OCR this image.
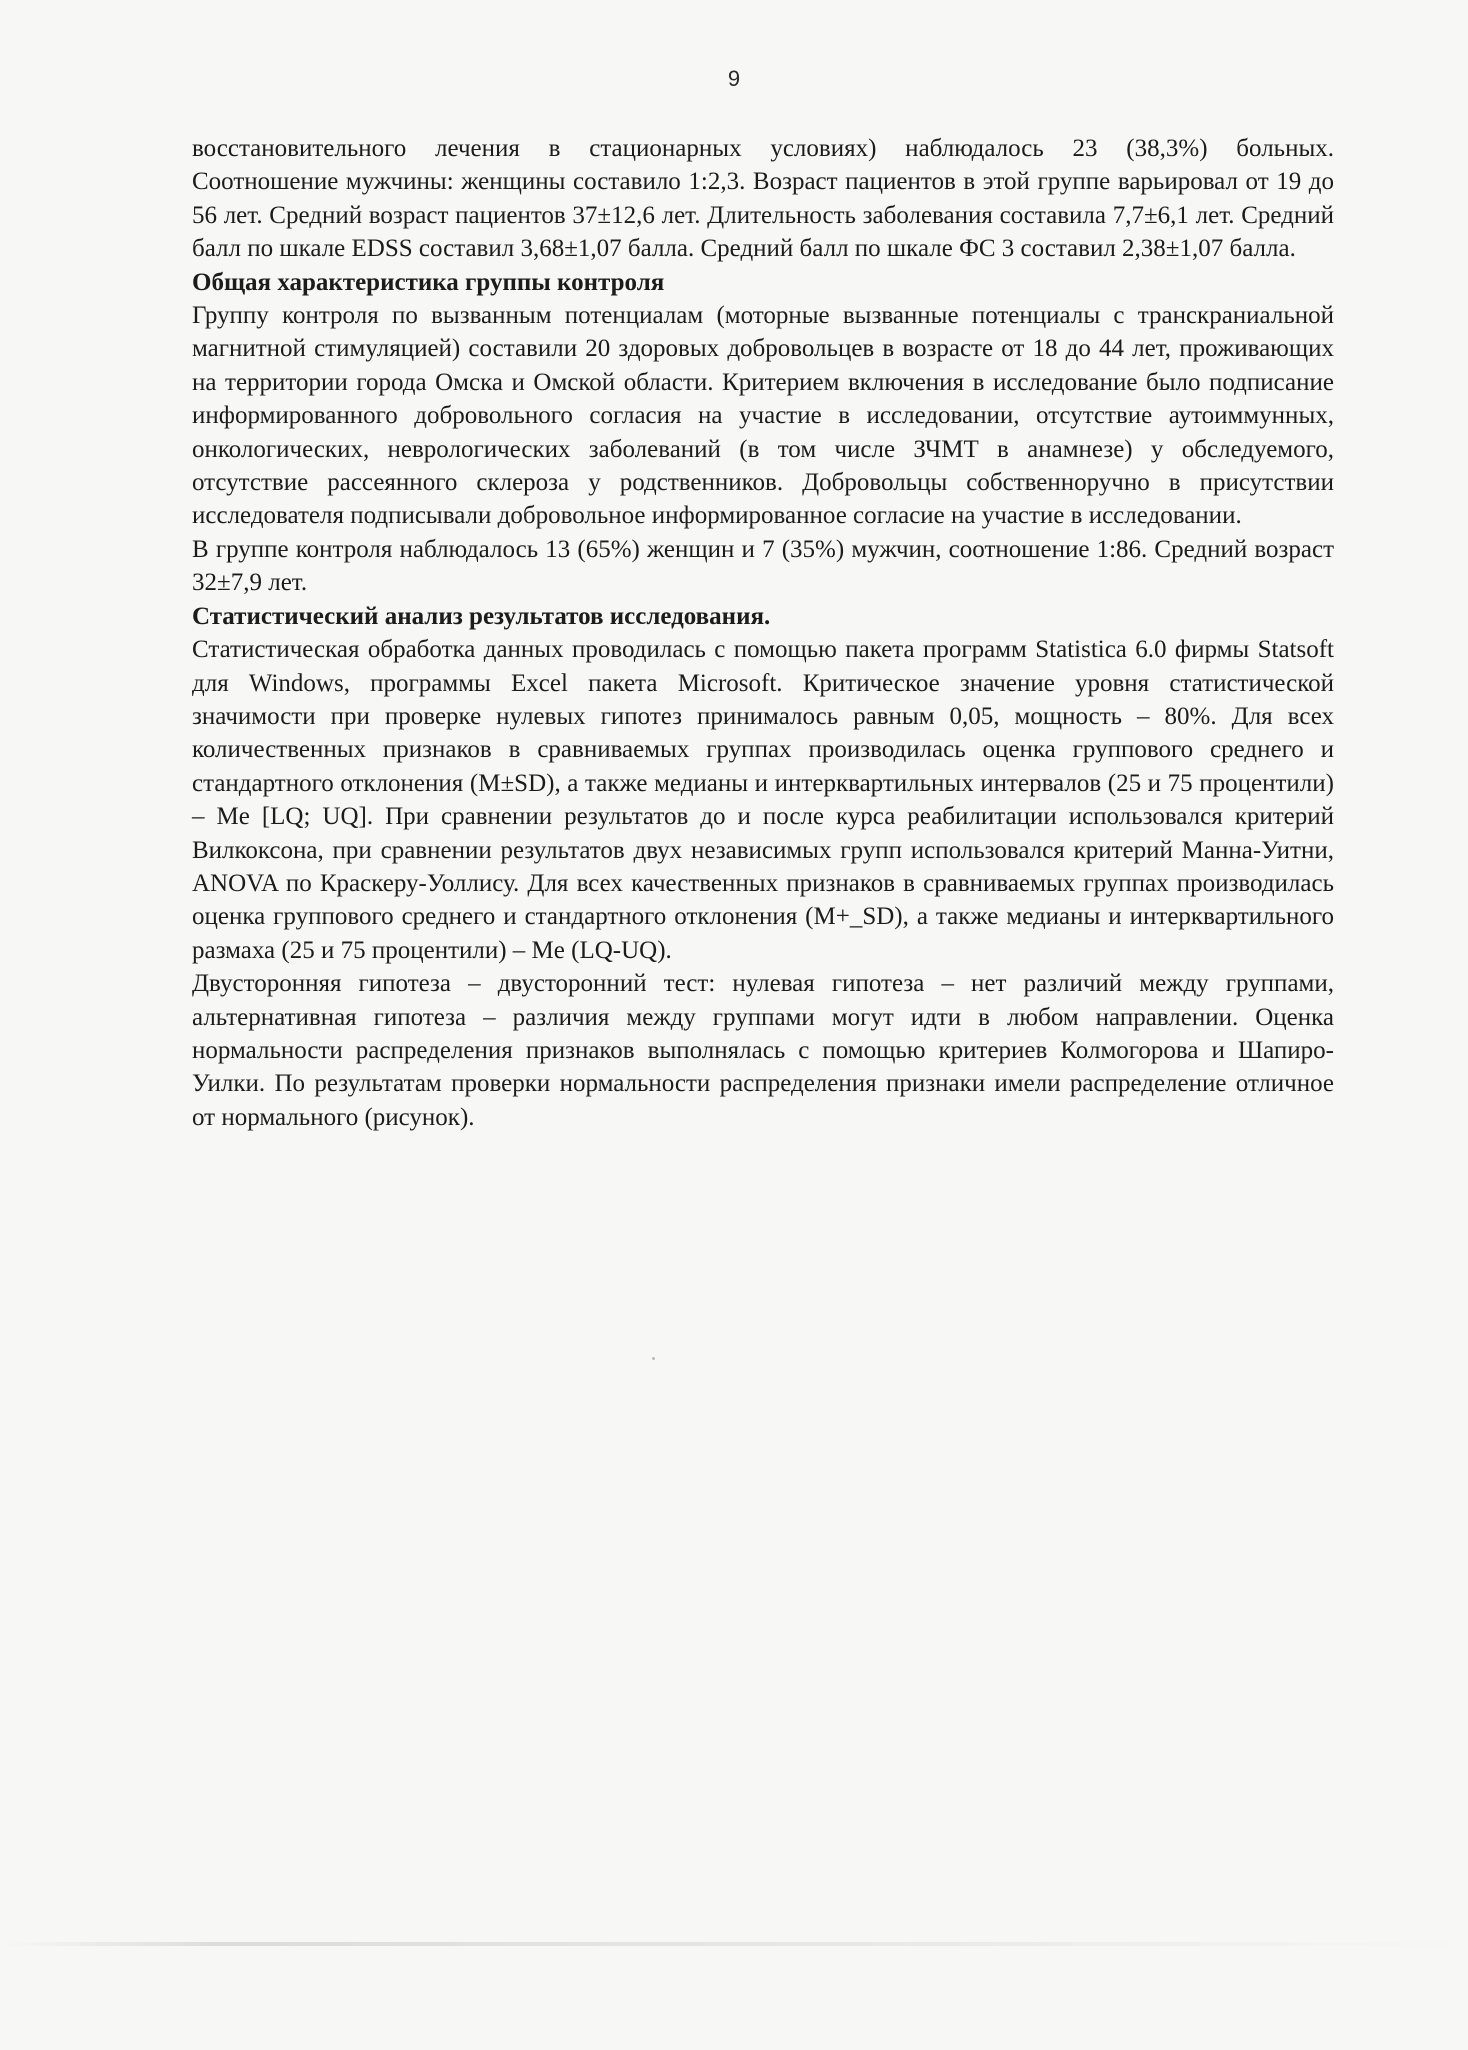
9

восстановительного лечения в стационарных условиях) наблюдалось 23 (38,3%) больных.

Соотношение мужчины: женщины составило 1:2,3. Возраст пациентов в этой группе варьировал от 19 до 56 лет. Средний возраст пациентов 37±12,6 лет. Длительность заболевания составила 7,7±6,1 лет. Средний балл по шкале EDSS составил 3,68±1,07 балла. Средний балл по шкале ФС 3 составил 2,38±1,07 балла.

Общая характеристика группы контроля

Группу контроля по вызванным потенциалам (моторные вызванные потенциалы с транскраниальной магнитной стимуляцией) составили 20 здоровых добровольцев в возрасте от 18 до 44 лет, проживающих на территории города Омска и Омской области. Критерием включения в исследование было подписание информированного добровольного согласия на участие в исследовании, отсутствие аутоиммунных, онкологических, неврологических заболеваний (в том числе ЗЧМТ в анамнезе) у обследуемого, отсутствие рассеянного склероза у родственников. Добровольцы собственноручно в присутствии исследователя подписывали добровольное информированное согласие на участие в исследовании.

В группе контроля наблюдалось 13 (65%) женщин и 7 (35%) мужчин, соотношение 1:86. Средний возраст 32±7,9 лет.

Статистический анализ результатов исследования.

Статистическая обработка данных проводилась с помощью пакета программ Statistica 6.0 фирмы Statsoft для Windows, программы Excel пакета Microsoft. Критическое значение уровня статистической значимости при проверке нулевых гипотез принималось равным 0,05, мощность – 80%. Для всех количественных признаков в сравниваемых группах производилась оценка группового среднего и стандартного отклонения (M±SD), а также медианы и интерквартильных интервалов (25 и 75 процентили) – Me [LQ; UQ]. При сравнении результатов до и после курса реабилитации использовался критерий Вилкоксона, при сравнении результатов двух независимых групп использовался критерий Манна-Уитни, ANOVA по Краскеру-Уоллису. Для всех качественных признаков в сравниваемых группах производилась оценка группового среднего и стандартного отклонения (M+_SD), а также медианы и интерквартильного размаха (25 и 75 процентили) – Me (LQ-UQ).

Двусторонняя гипотеза – двусторонний тест: нулевая гипотеза – нет различий между группами, альтернативная гипотеза – различия между группами могут идти в любом направлении. Оценка нормальности распределения признаков выполнялась с помощью критериев Колмогорова и Шапиро-Уилки. По результатам проверки нормальности распределения признаки имели распределение отличное от нормального (рисунок).
